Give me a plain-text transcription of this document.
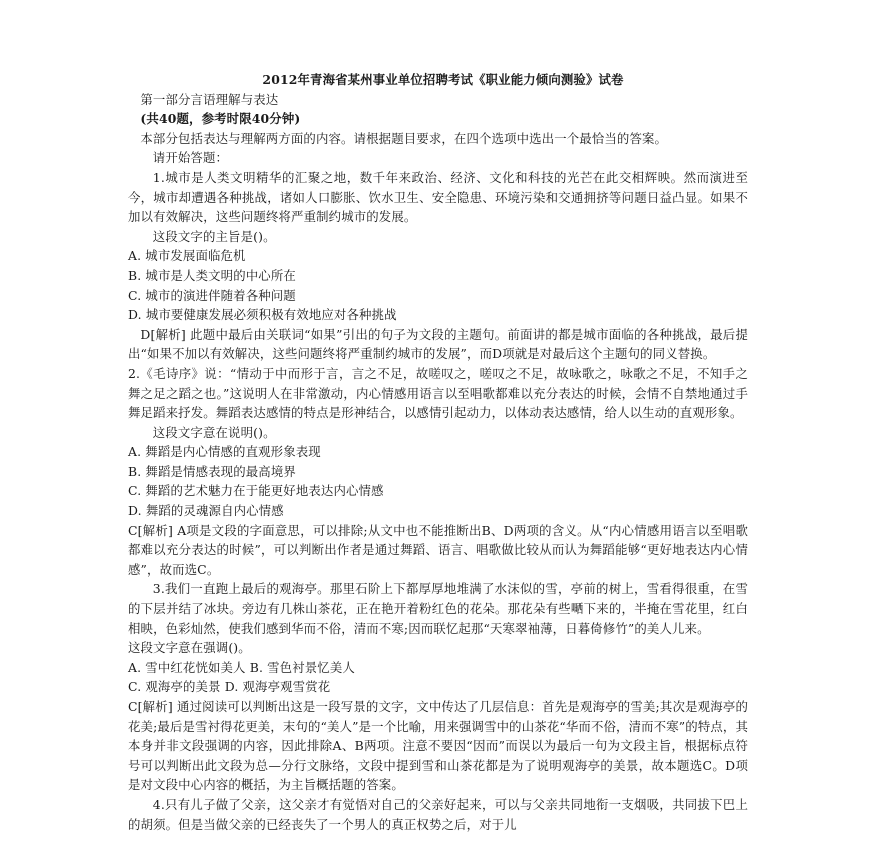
2012年青海省某州事业单位招聘考试《职业能力倾向测验》试卷

第一部分言语理解与表达

(共40题，参考时限40分钟)

本部分包括表达与理解两方面的内容。请根据题目要求，在四个选项中选出一个最恰当的答案。

请开始答题：

1.城市是人类文明精华的汇聚之地，数千年来政治、经济、文化和科技的光芒在此交相辉映。然而演进至今，城市却遭遇各种挑战，诸如人口膨胀、饮水卫生、安全隐患、环境污染和交通拥挤等问题日益凸显。如果不加以有效解决，这些问题终将严重制约城市的发展。

这段文字的主旨是()。

A. 城市发展面临危机

B. 城市是人类文明的中心所在

C. 城市的演进伴随着各种问题

D. 城市要健康发展必须积极有效地应对各种挑战

D[解析] 此题中最后由关联词“如果”引出的句子为文段的主题句。前面讲的都是城市面临的各种挑战，最后提出“如果不加以有效解决，这些问题终将严重制约城市的发展”，而D项就是对最后这个主题句的同义替换。

2.《毛诗序》说：“情动于中而形于言，言之不足，故嗟叹之，嗟叹之不足，故咏歌之，咏歌之不足，不知手之舞之足之蹈之也。”这说明人在非常激动，内心情感用语言以至唱歌都难以充分表达的时候，会情不自禁地通过手舞足蹈来抒发。舞蹈表达感情的特点是形神结合，以感情引起动力，以体动表达感情，给人以生动的直观形象。

这段文字意在说明()。

A. 舞蹈是内心情感的直观形象表现

B. 舞蹈是情感表现的最高境界

C. 舞蹈的艺术魅力在于能更好地表达内心情感

D. 舞蹈的灵魂源自内心情感

C[解析] A项是文段的字面意思，可以排除;从文中也不能推断出B、D两项的含义。从“内心情感用语言以至唱歌都难以充分表达的时候”，可以判断出作者是通过舞蹈、语言、唱歌做比较从而认为舞蹈能够“更好地表达内心情感”，故而选C。

3.我们一直跑上最后的观海亭。那里石阶上下都厚厚地堆满了水沫似的雪，亭前的树上，雪看得很重，在雪的下层并结了冰块。旁边有几株山茶花，正在艳开着粉红色的花朵。那花朵有些嗮下来的，半掩在雪花里，红白相映，色彩灿然，使我们感到华而不俗，清而不寒;因而联忆起那“天寒翠袖薄，日暮倚修竹”的美人儿来。

这段文字意在强调()。

A. 雪中红花恍如美人 B. 雪色衬景忆美人

C. 观海亭的美景 D. 观海亭观雪赏花

C[解析] 通过阅读可以判断出这是一段写景的文字，文中传达了几层信息：首先是观海亭的雪美;其次是观海亭的花美;最后是雪衬得花更美，末句的“美人”是一个比喻，用来强调雪中的山茶花“华而不俗，清而不寒”的特点，其本身并非文段强调的内容，因此排除A、B两项。注意不要因“因而”而误以为最后一句为文段主旨，根据标点符号可以判断出此文段为总—分行文脉络，文段中提到雪和山茶花都是为了说明观海亭的美景，故本题选C。D项是对文段中心内容的概括，为主旨概括题的答案。

4.只有儿子做了父亲，这父亲才有觉悟对自己的父亲好起来，可以与父亲共同地衔一支烟吸，共同拔下巴上的胡须。但是当做父亲的已经丧失了一个男人的真正权势之后，对于儿
